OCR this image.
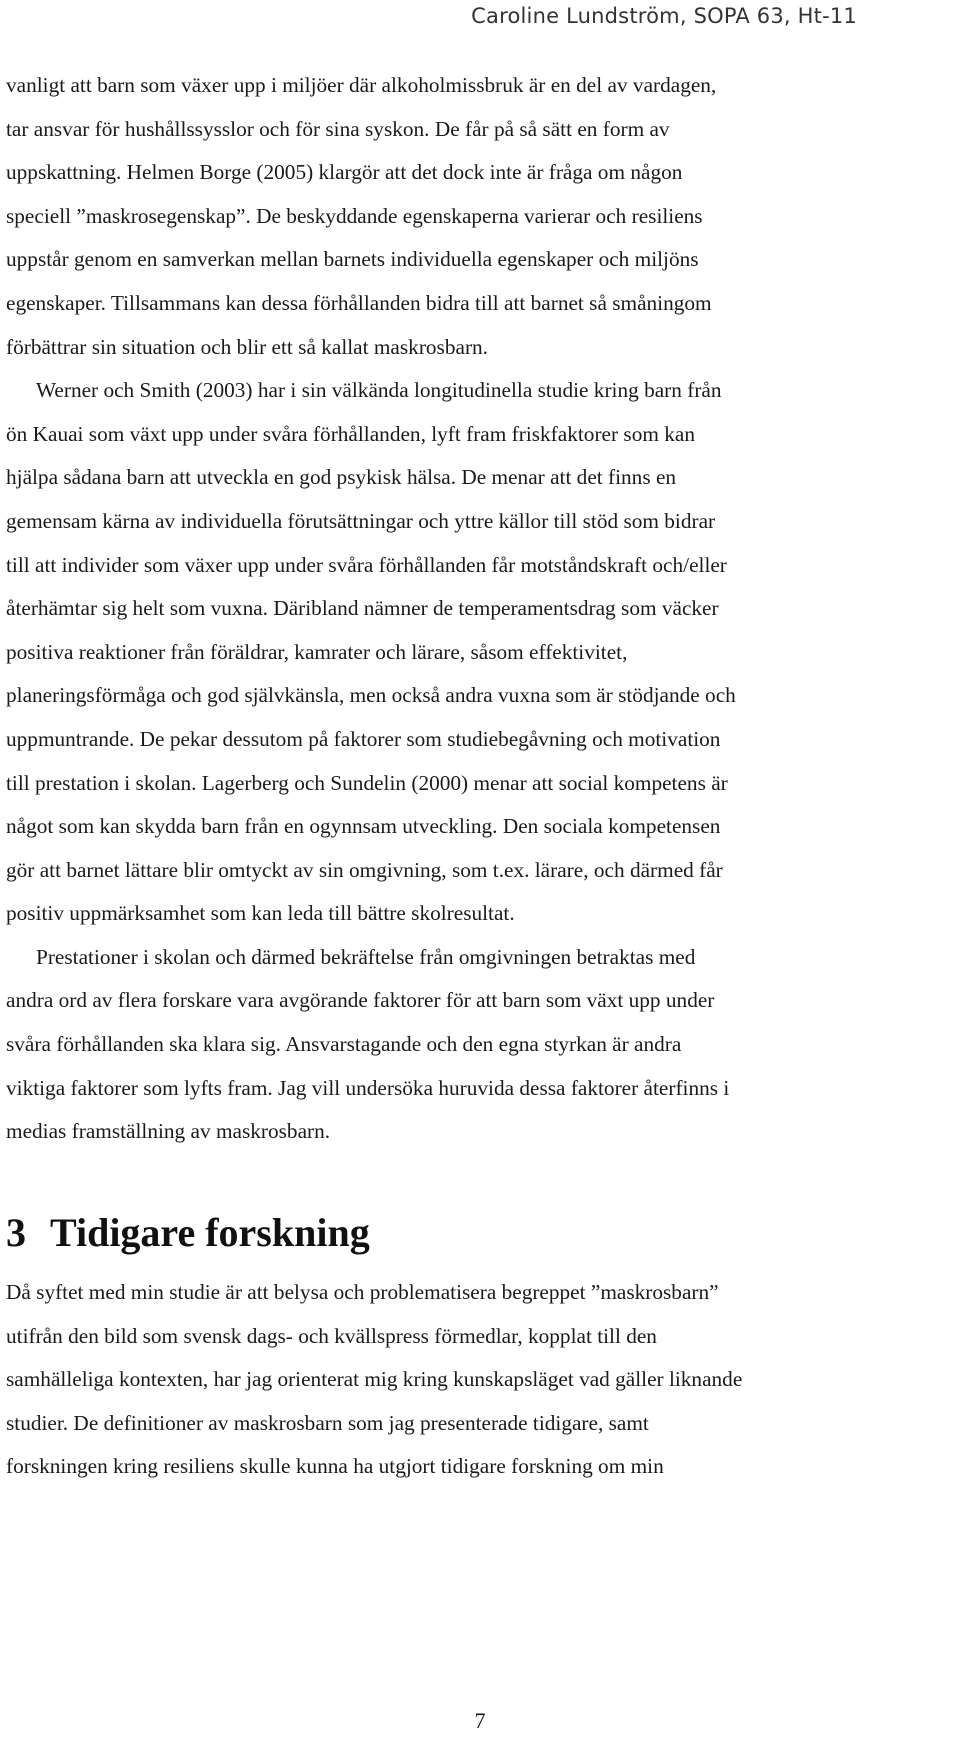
Caroline Lundström, SOPA 63, Ht-11
vanligt att barn som växer upp i miljöer där alkoholmissbruk är en del av vardagen,
tar ansvar för hushållssysslor och för sina syskon. De får på så sätt en form av
uppskattning. Helmen Borge (2005) klargör att det dock inte är fråga om någon
speciell ”maskrosegenskap”. De beskyddande egenskaperna varierar och resiliens
uppstår genom en samverkan mellan barnets individuella egenskaper och miljöns
egenskaper. Tillsammans kan dessa förhållanden bidra till att barnet så småningom
förbättrar sin situation och blir ett så kallat maskrosbarn.
Werner och Smith (2003) har i sin välkända longitudinella studie kring barn från
ön Kauai som växt upp under svåra förhållanden, lyft fram friskfaktorer som kan
hjälpa sådana barn att utveckla en god psykisk hälsa. De menar att det finns en
gemensam kärna av individuella förutsättningar och yttre källor till stöd som bidrar
till att individer som växer upp under svåra förhållanden får motståndskraft och/eller
återhämtar sig helt som vuxna. Däribland nämner de temperamentsdrag som väcker
positiva reaktioner från föräldrar, kamrater och lärare, såsom effektivitet,
planeringsförmåga och god självkänsla, men också andra vuxna som är stödjande och
uppmuntrande. De pekar dessutom på faktorer som studiebegåvning och motivation
till prestation i skolan. Lagerberg och Sundelin (2000) menar att social kompetens är
något som kan skydda barn från en ogynnsam utveckling. Den sociala kompetensen
gör att barnet lättare blir omtyckt av sin omgivning, som t.ex. lärare, och därmed får
positiv uppmärksamhet som kan leda till bättre skolresultat.
Prestationer i skolan och därmed bekräftelse från omgivningen betraktas med
andra ord av flera forskare vara avgörande faktorer för att barn som växt upp under
svåra förhållanden ska klara sig. Ansvarstagande och den egna styrkan är andra
viktiga faktorer som lyfts fram. Jag vill undersöka huruvida dessa faktorer återfinns i
medias framställning av maskrosbarn.
3 Tidigare forskning
Då syftet med min studie är att belysa och problematisera begreppet ”maskrosbarn”
utifrån den bild som svensk dags- och kvällspress förmedlar, kopplat till den
samhälleliga kontexten, har jag orienterat mig kring kunskapsläget vad gäller liknande
studier. De definitioner av maskrosbarn som jag presenterade tidigare, samt
forskningen kring resiliens skulle kunna ha utgjort tidigare forskning om min
7
